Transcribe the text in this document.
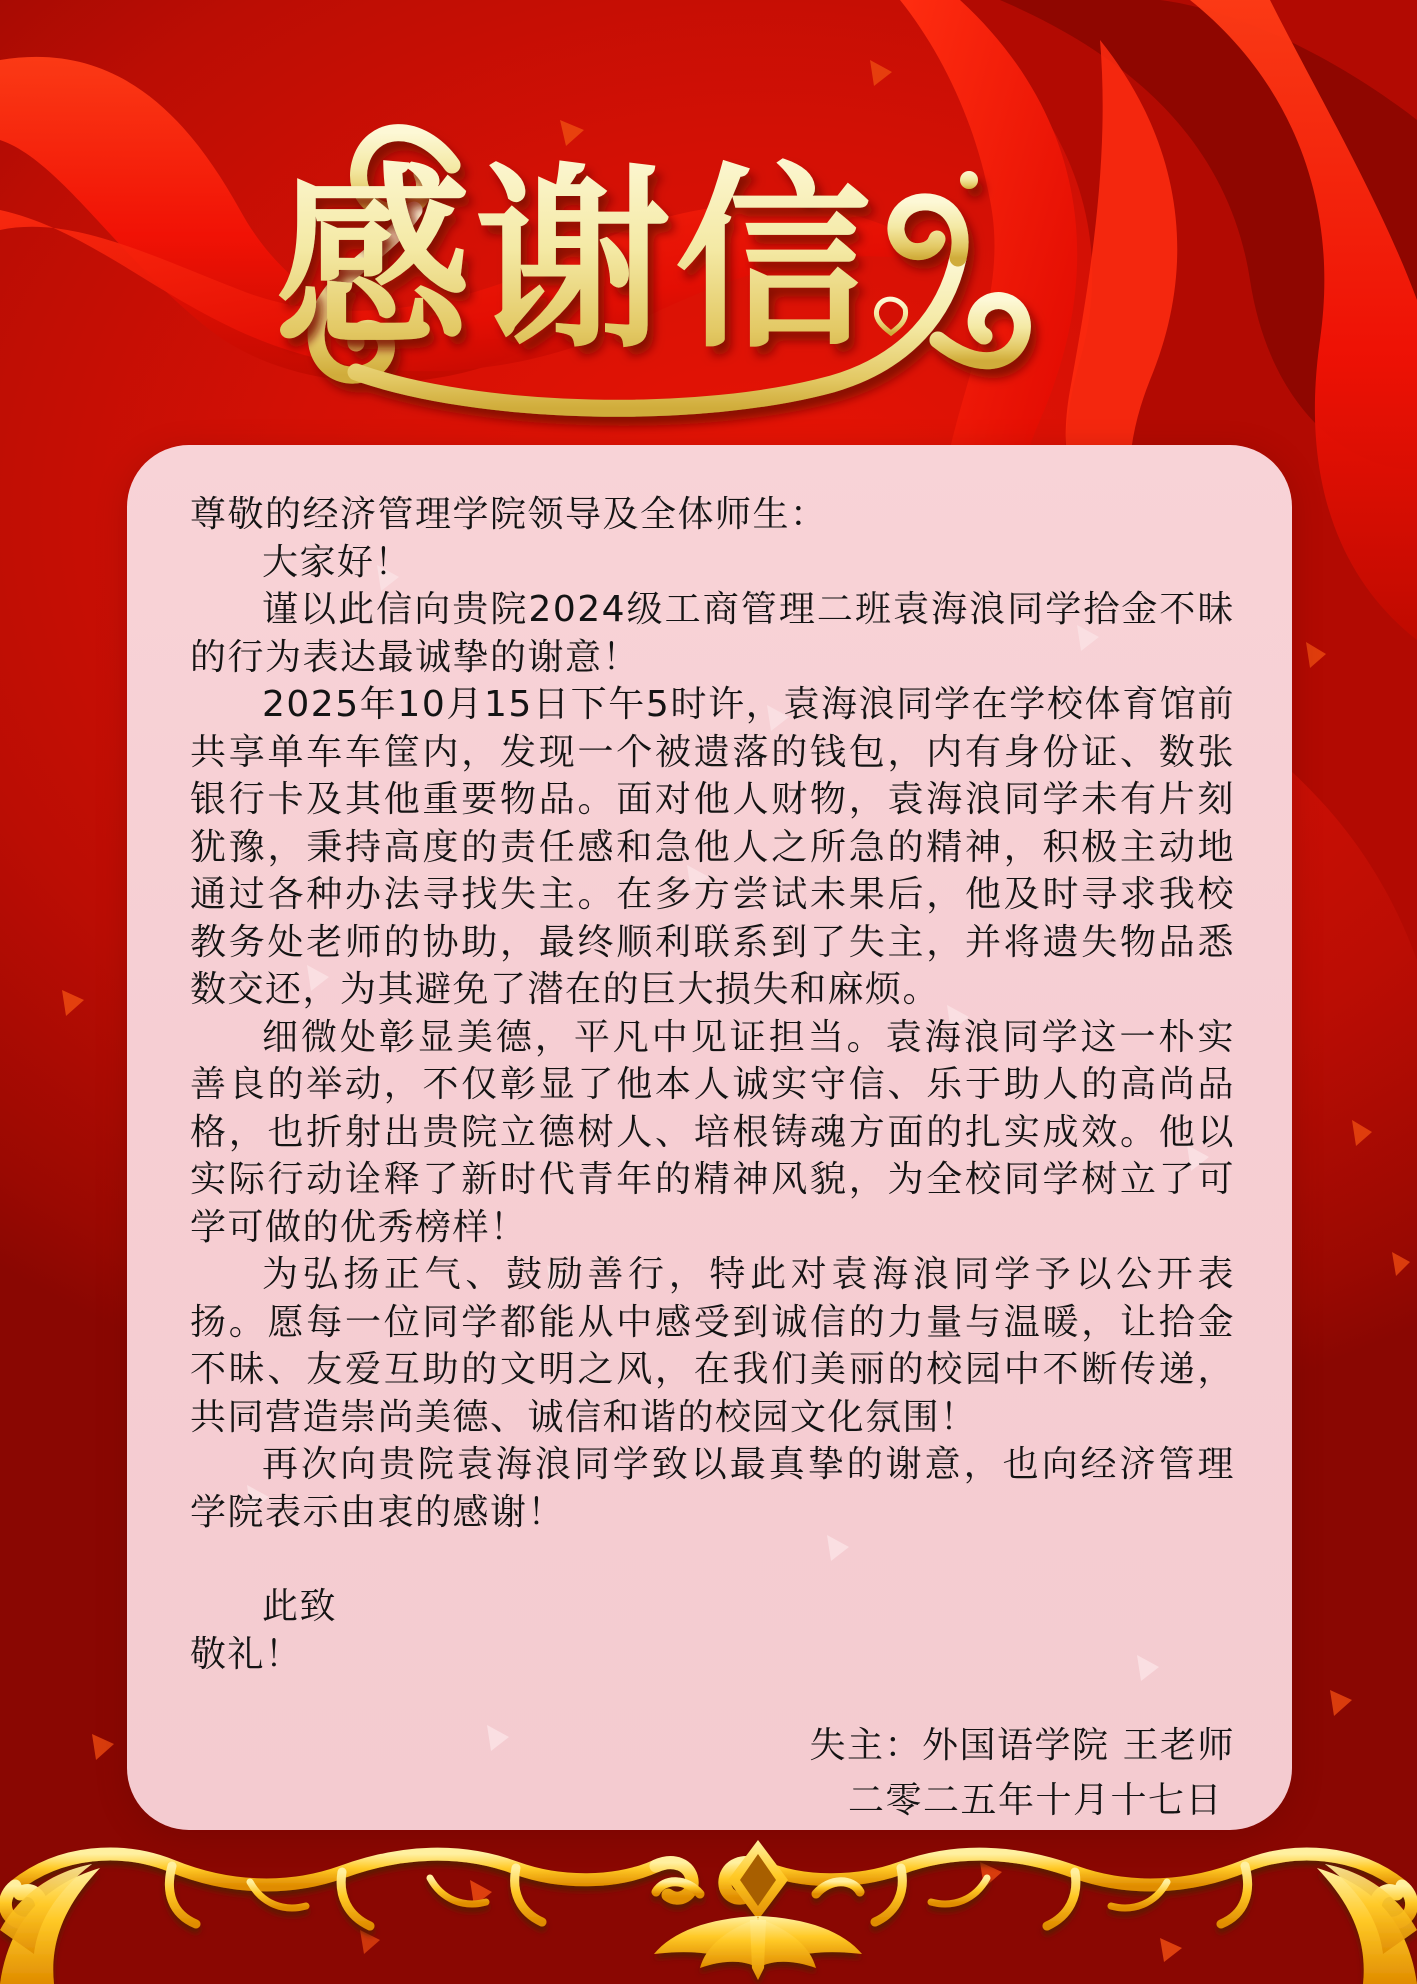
感谢信

尊敬的经济管理学院领导及全体师生：

大家好！

谨以此信向贵院2024级工商管理二班袁海浪同学拾金不昧的行为表达最诚挚的谢意！

2025年10月15日下午5时许，袁海浪同学在学校体育馆前共享单车车筐内，发现一个被遗落的钱包，内有身份证、数张银行卡及其他重要物品。面对他人财物，袁海浪同学未有片刻犹豫，秉持高度的责任感和急他人之所急的精神，积极主动地通过各种办法寻找失主。在多方尝试未果后，他及时寻求我校教务处老师的协助，最终顺利联系到了失主，并将遗失物品悉数交还，为其避免了潜在的巨大损失和麻烦。

细微处彰显美德，平凡中见证担当。袁海浪同学这一朴实善良的举动，不仅彰显了他本人诚实守信、乐于助人的高尚品格，也折射出贵院立德树人、培根铸魂方面的扎实成效。他以实际行动诠释了新时代青年的精神风貌，为全校同学树立了可学可做的优秀榜样！

为弘扬正气、鼓励善行，特此对袁海浪同学予以公开表扬。愿每一位同学都能从中感受到诚信的力量与温暖，让拾金不昧、友爱互助的文明之风，在我们美丽的校园中不断传递，共同营造崇尚美德、诚信和谐的校园文化氛围！

再次向贵院袁海浪同学致以最真挚的谢意，也向经济管理学院表示由衷的感谢！

此致

敬礼！

失主：外国语学院 王老师

二零二五年十月十七日
